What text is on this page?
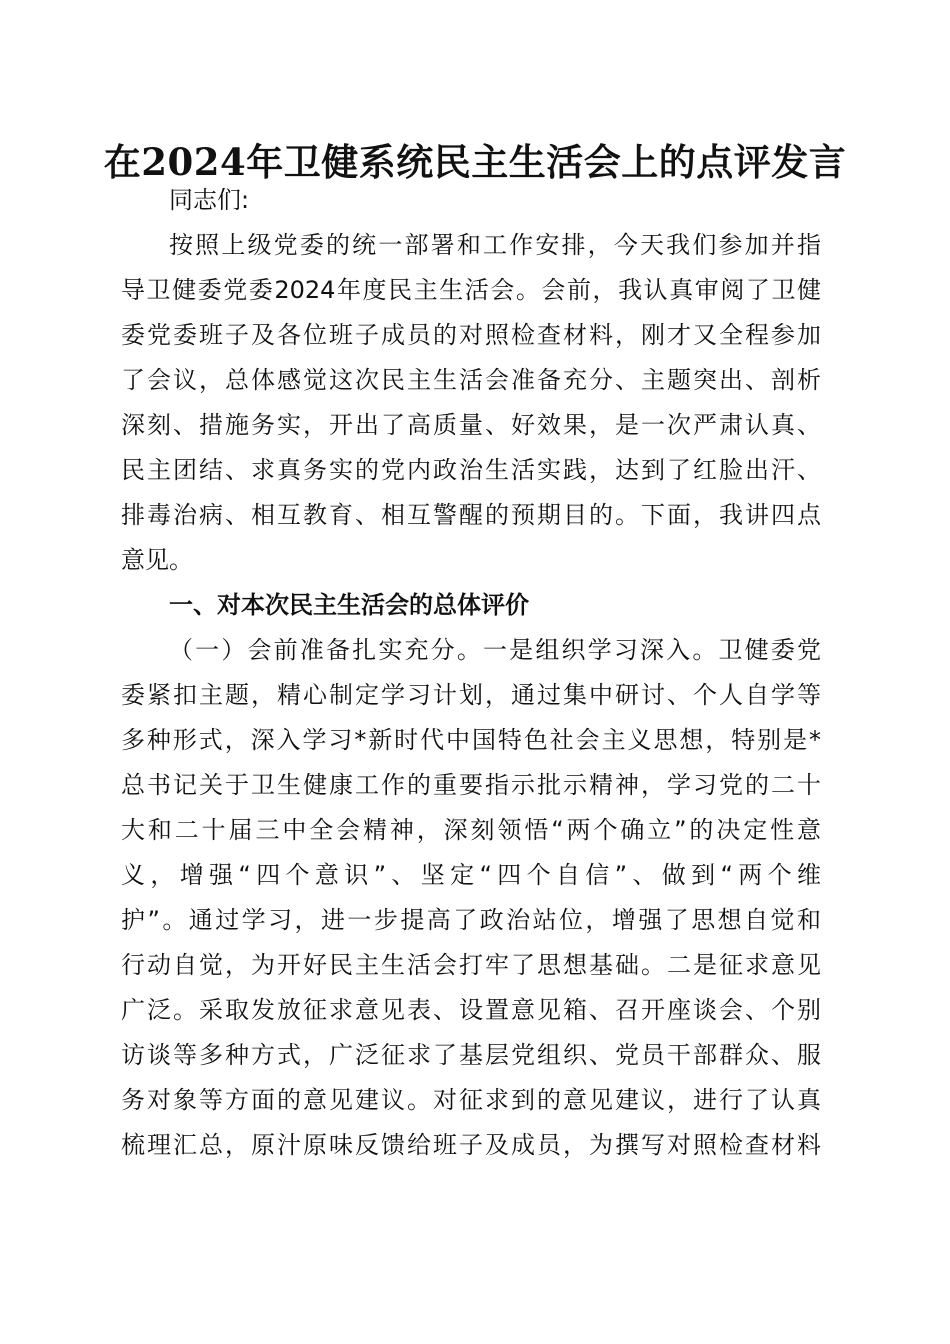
在2024年卫健系统民主生活会上的点评发言
同志们:
按照上级党委的统一部署和工作安排，今天我们参加并指
导卫健委党委2024年度民主生活会。会前，我认真审阅了卫健
委党委班子及各位班子成员的对照检查材料，刚才又全程参加
了会议，总体感觉这次民主生活会准备充分、主题突出、剖析
深刻、措施务实，开出了高质量、好效果，是一次严肃认真、
民主团结、求真务实的党内政治生活实践，达到了红脸出汗、
排毒治病、相互教育、相互警醒的预期目的。下面，我讲四点
意见。
一、对本次民主生活会的总体评价
（一）会前准备扎实充分。一是组织学习深入。卫健委党
委紧扣主题，精心制定学习计划，通过集中研讨、个人自学等
多种形式，深入学习*新时代中国特色社会主义思想，特别是*
总书记关于卫生健康工作的重要指示批示精神，学习党的二十
大和二十届三中全会精神，深刻领悟“两个确立”的决定性意
义，增强“四个意识”、坚定“四个自信”、做到“两个维
护”。通过学习，进一步提高了政治站位，增强了思想自觉和
行动自觉，为开好民主生活会打牢了思想基础。二是征求意见
广泛。采取发放征求意见表、设置意见箱、召开座谈会、个别
访谈等多种方式，广泛征求了基层党组织、党员干部群众、服
务对象等方面的意见建议。对征求到的意见建议，进行了认真
梳理汇总，原汁原味反馈给班子及成员，为撰写对照检查材料
